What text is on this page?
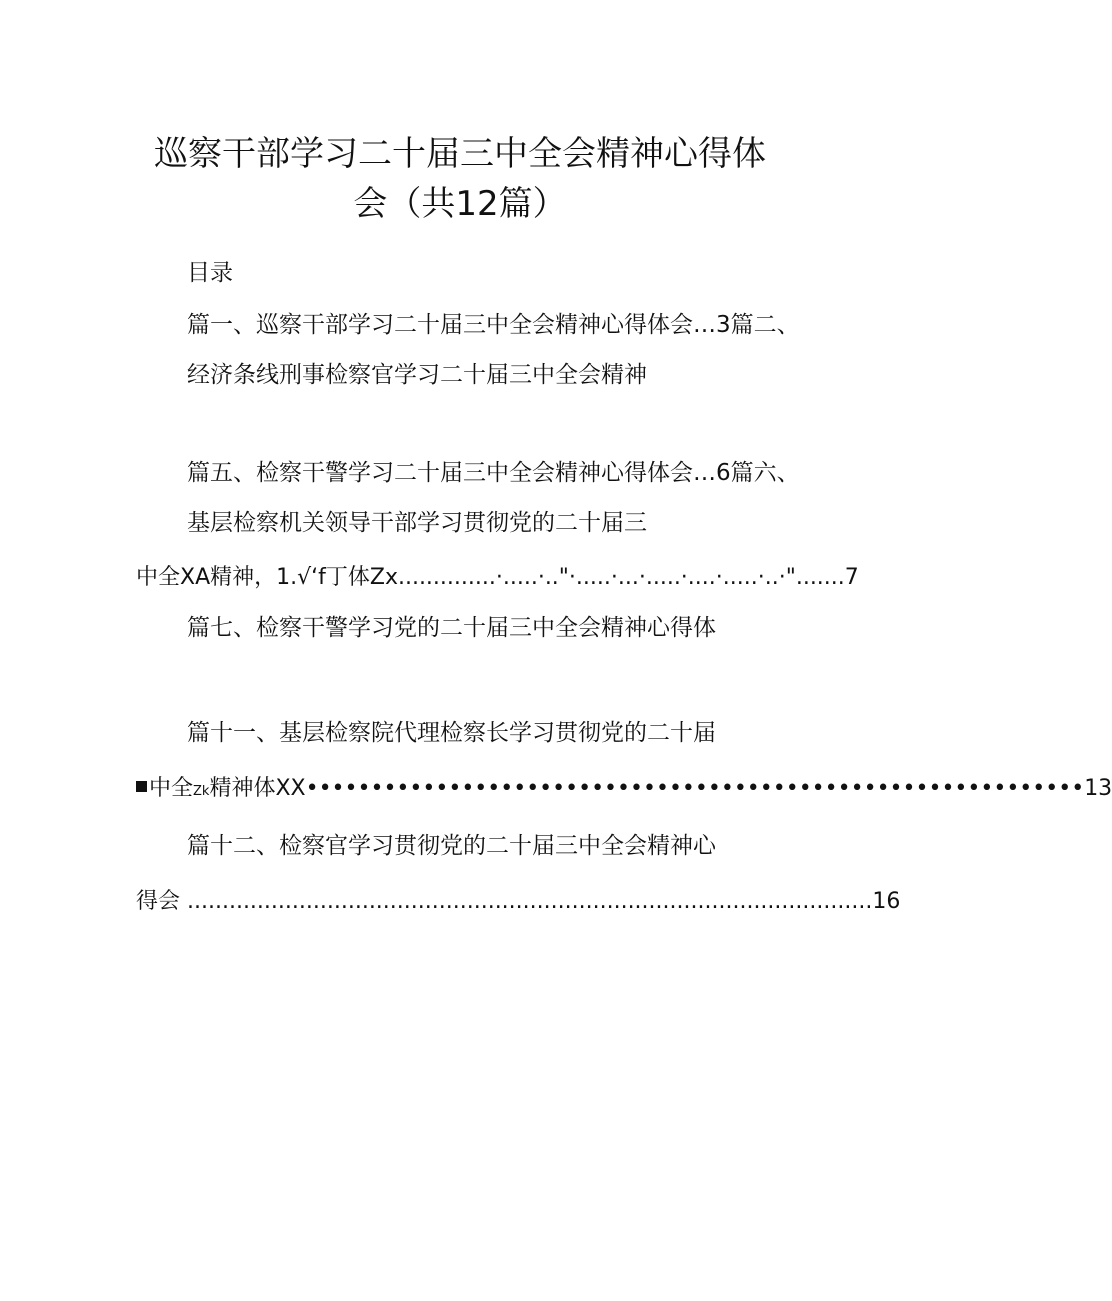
巡察干部学习二十届三中全会精神心得体
会（共12篇）
目录
篇一、巡察干部学习二十届三中全会精神心得体会…3篇二、
经济条线刑事检察官学习二十届三中全会精神
篇五、检察干警学习二十届三中全会精神心得体会…6篇六、
基层检察机关领导干部学习贯彻党的二十届三
中全XA精神，1.√‘f丁体Zx..............·.....·.."·.....·...·.....·....·.....·..·".......7
篇七、检察干警学习党的二十届三中全会精神心得体
篇十一、基层检察院代理检察长学习贯彻党的二十届
中全Zk精神体XX••••••••••••••••••••••••••••••••••••••••••••••••••••••••••••13
篇十二、检察官学习贯彻党的二十届三中全会精神心
得会 ..................................................................................................16
